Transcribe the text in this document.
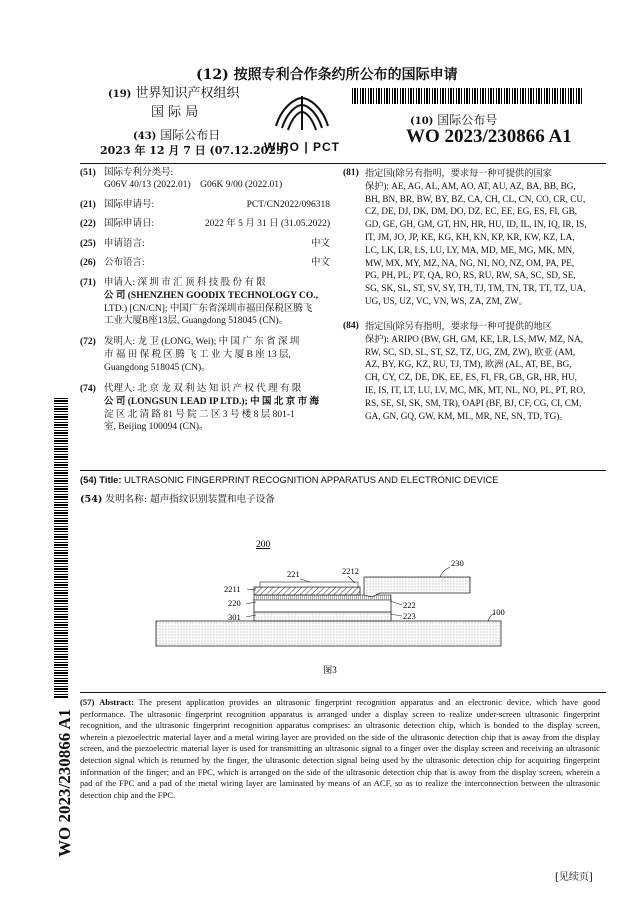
(12) 按照专利合作条约所公布的国际申请
(19) 世界知识产权组织
国 际 局
(43) 国际公布日
2023 年 12 月 7 日 (07.12.2023)
WIPO | PCT
(10) 国际公布号
WO 2023/230866 A1
(51) 国际专利分类号:
G06V 40/13 (2022.01)    G06K 9/00 (2022.01)
(21) 国际申请号:	PCT/CN2022/096318
(22) 国际申请日:	2022 年 5 月 31 日 (31.05.2022)
(25) 申请语言:	中文
(26) 公布语言:	中文
(71) 申请人: 深 圳 市 汇 顶 科 技 股 份 有 限
公 司 (SHENZHEN GOODIX TECHNOLOGY CO.,
LTD.) [CN/CN]; 中国广东省深圳市福田保税区腾飞
工业大厦B座13层, Guangdong 518045 (CN)。
(72) 发明人: 龙 卫 (LONG, Wei); 中 国 广 东 省 深 圳
市 福 田 保 税 区 腾 飞 工 业 大 厦 B 座 13 层,
Guangdong 518045 (CN)。
(74) 代理人: 北 京 龙 双 利 达 知 识 产 权 代 理 有 限
公 司 (LONGSUN LEAD IP LTD.); 中 国 北 京 市 海
淀 区 北 清 路 81 号 院 二 区 3 号 楼 8 层 801-1
室, Beijing 100094 (CN)。
(81) 指定国(除另有指明，要求每一种可提供的国家
保护): AE, AG, AL, AM, AO, AT, AU, AZ, BA, BB, BG,
BH, BN, BR, BW, BY, BZ, CA, CH, CL, CN, CO, CR, CU,
CZ, DE, DJ, DK, DM, DO, DZ, EC, EE, EG, ES, FI, GB,
GD, GE, GH, GM, GT, HN, HR, HU, ID, IL, IN, IQ, IR, IS,
IT, JM, JO, JP, KE, KG, KH, KN, KP, KR, KW, KZ, LA,
LC, LK, LR, LS, LU, LY, MA, MD, ME, MG, MK, MN,
MW, MX, MY, MZ, NA, NG, NI, NO, NZ, OM, PA, PE,
PG, PH, PL, PT, QA, RO, RS, RU, RW, SA, SC, SD, SE,
SG, SK, SL, ST, SV, SY, TH, TJ, TM, TN, TR, TT, TZ, UA,
UG, US, UZ, VC, VN, WS, ZA, ZM, ZW。
(84) 指定国(除另有指明，要求每一种可提供的地区
保护): ARIPO (BW, GH, GM, KE, LR, LS, MW, MZ, NA,
RW, SC, SD, SL, ST, SZ, TZ, UG, ZM, ZW), 欧亚 (AM,
AZ, BY, KG, KZ, RU, TJ, TM), 欧洲 (AL, AT, BE, BG,
CH, CY, CZ, DE, DK, EE, ES, FI, FR, GB, GR, HR, HU,
IE, IS, IT, LT, LU, LV, MC, MK, MT, NL, NO, PL, PT, RO,
RS, SE, SI, SK, SM, TR), OAPI (BF, BJ, CF, CG, CI, CM,
GA, GN, GQ, GW, KM, ML, MR, NE, SN, TD, TG)。
WO 2023/230866 A1
(54) Title: ULTRASONIC FINGERPRINT RECOGNITION APPARATUS AND ELECTRONIC DEVICE
(54) 发明名称: 超声指纹识别装置和电子设备
200
221	2212
230
2211
220	222
301	223	100
图3
(57) Abstract: The present application provides an ultrasonic fingerprint recognition apparatus and an electronic device, which have good performance. The ultrasonic fingerprint recognition apparatus is arranged under a display screen to realize under-screen ultrasonic fingerprint recognition, and the ultrasonic fingerprint recognition apparatus comprises: an ultrasonic detection chip, which is bonded to the display screen, wherein a piezoelectric material layer and a metal wiring layer are provided on the side of the ultrasonic detection chip that is away from the display screen, and the piezoelectric material layer is used for transmitting an ultrasonic signal to a finger over the display screen and receiving an ultrasonic detection signal which is returned by the finger, the ultrasonic detection signal being used by the ultrasonic detection chip for acquiring fingerprint information of the finger; and an FPC, which is arranged on the side of the ultrasonic detection chip that is away from the display screen, wherein a pad of the FPC and a pad of the metal wiring layer are laminated by means of an ACF, so as to realize the interconnection between the ultrasonic detection chip and the FPC.
[见续页]
